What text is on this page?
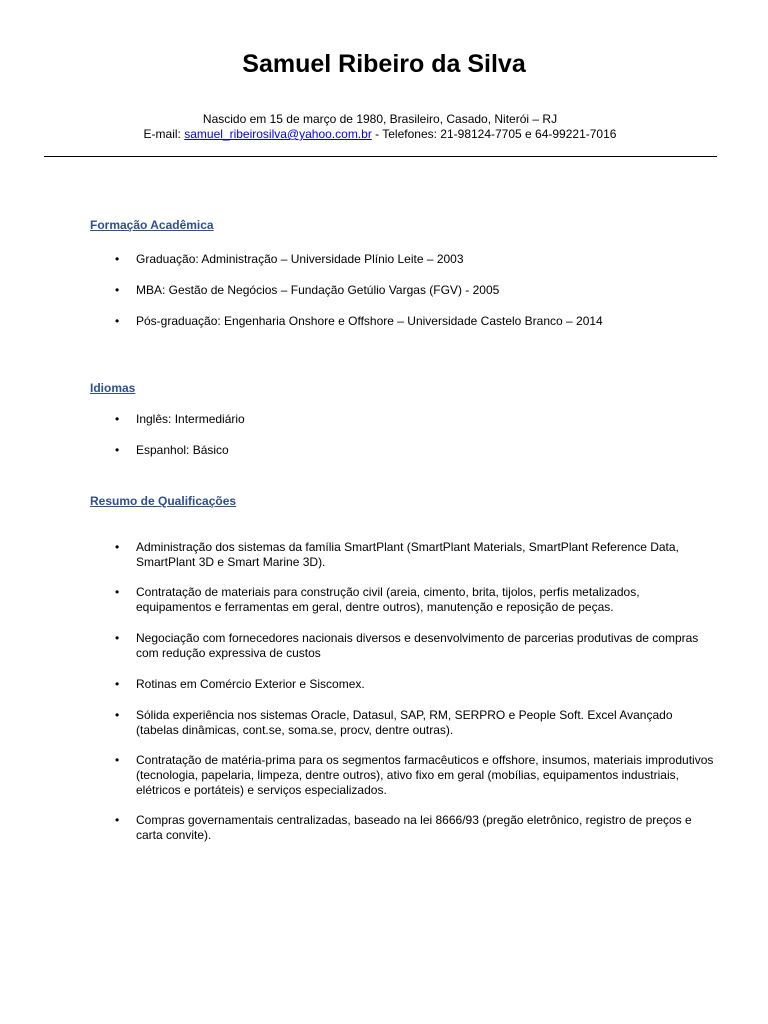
Samuel Ribeiro da Silva
Nascido em 15 de março de 1980, Brasileiro, Casado, Niterói – RJ
E-mail: samuel_ribeirosilva@yahoo.com.br - Telefones: 21-98124-7705 e 64-99221-7016
Formação Acadêmica
•	Graduação: Administração – Universidade Plínio Leite – 2003
•	MBA: Gestão de Negócios – Fundação Getúlio Vargas (FGV) - 2005
•	Pós-graduação: Engenharia Onshore e Offshore – Universidade Castelo Branco – 2014
Idiomas
•	Inglês: Intermediário
•	Espanhol: Básico
Resumo de Qualificações
•	Administração dos sistemas da família SmartPlant (SmartPlant Materials, SmartPlant Reference Data, SmartPlant 3D e Smart Marine 3D).
•	Contratação de materiais para construção civil (areia, cimento, brita, tijolos, perfis metalizados, equipamentos e ferramentas em geral, dentre outros), manutenção e reposição de peças.
•	Negociação com fornecedores nacionais diversos e desenvolvimento de parcerias produtivas de compras com redução expressiva de custos
•	Rotinas em Comércio Exterior e Siscomex.
•	Sólida experiência nos sistemas Oracle, Datasul, SAP, RM, SERPRO e People Soft. Excel Avançado (tabelas dinâmicas, cont.se, soma.se, procv, dentre outras).
•	Contratação de matéria-prima para os segmentos farmacêuticos e offshore, insumos, materiais improdutivos (tecnologia, papelaria, limpeza, dentre outros), ativo fixo em geral (mobílias, equipamentos industriais, elétricos e portáteis) e serviços especializados.
•	Compras governamentais centralizadas, baseado na lei 8666/93 (pregão eletrônico, registro de preços e carta convite).
